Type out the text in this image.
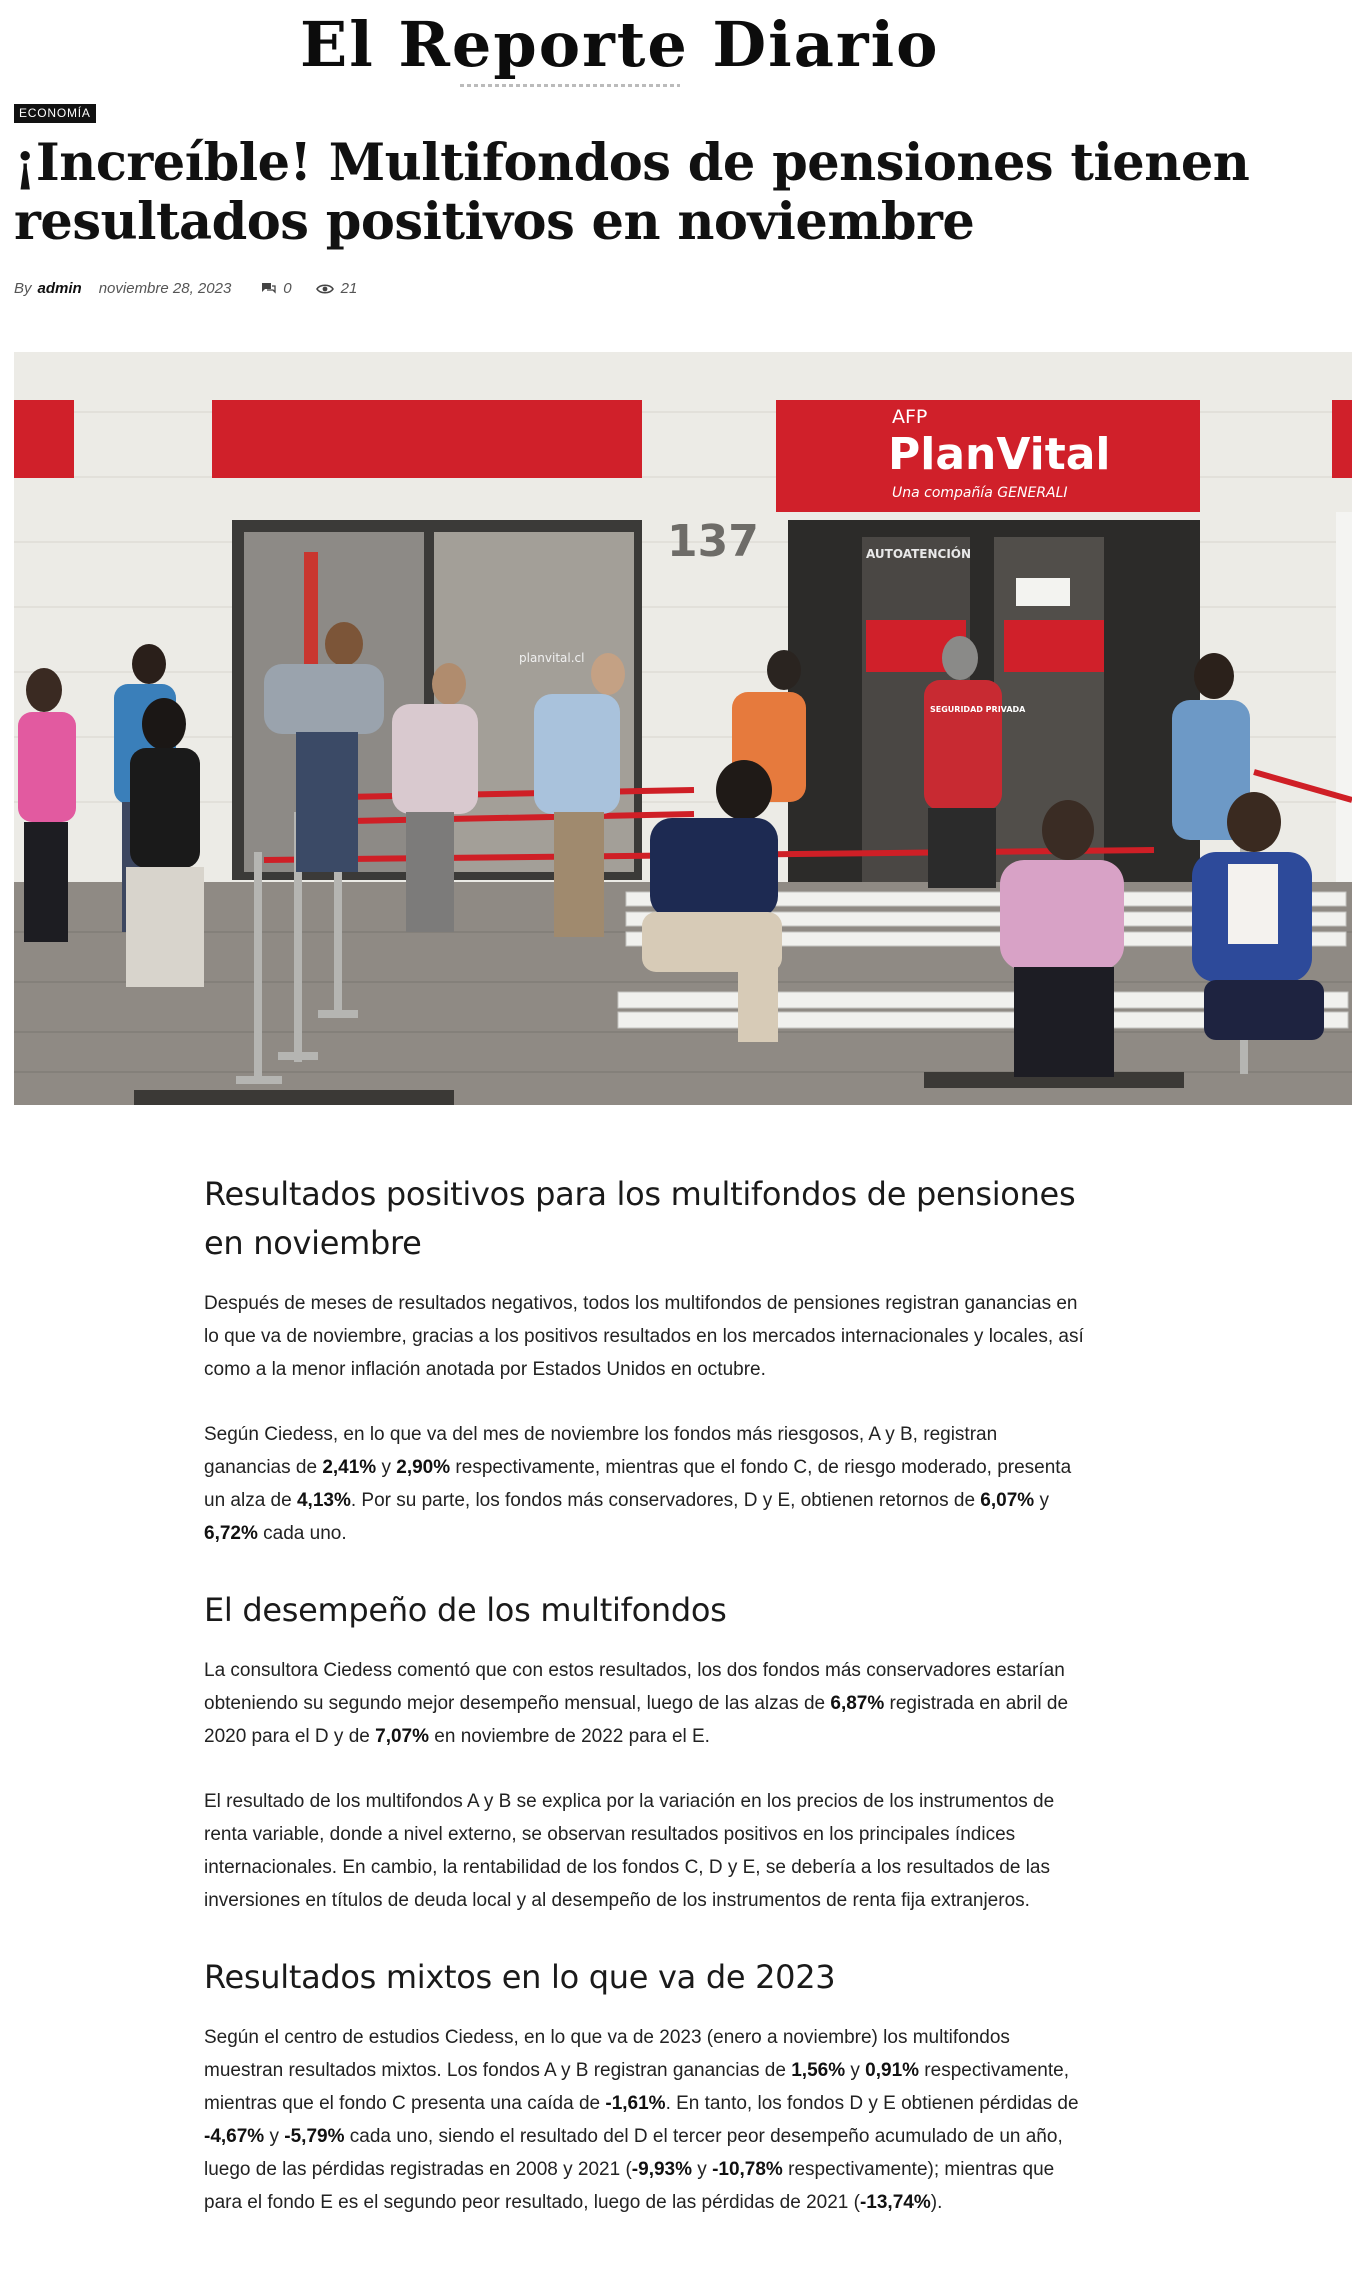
El Reporte Diario
ECONOMÍA
¡Increíble! Multifondos de pensiones tienen resultados positivos en noviembre
By admin noviembre 28, 2023	0	21
AFP
PlanVital
Una compañía GENERALI
planvital.cl
137	AUTOATENCIÓN
SEGURIDAD PRIVADA
Resultados positivos para los multifondos de pensiones en noviembre

Después de meses de resultados negativos, todos los multifondos de pensiones registran ganancias en lo que va de noviembre, gracias a los positivos resultados en los mercados internacionales y locales, así como a la menor inflación anotada por Estados Unidos en octubre.

Según Ciedess, en lo que va del mes de noviembre los fondos más riesgosos, A y B, registran ganancias de 2,41% y 2,90% respectivamente, mientras que el fondo C, de riesgo moderado, presenta un alza de 4,13%. Por su parte, los fondos más conservadores, D y E, obtienen retornos de 6,07% y 6,72% cada uno.

El desempeño de los multifondos

La consultora Ciedess comentó que con estos resultados, los dos fondos más conservadores estarían obteniendo su segundo mejor desempeño mensual, luego de las alzas de 6,87% registrada en abril de 2020 para el D y de 7,07% en noviembre de 2022 para el E.

El resultado de los multifondos A y B se explica por la variación en los precios de los instrumentos de renta variable, donde a nivel externo, se observan resultados positivos en los principales índices internacionales. En cambio, la rentabilidad de los fondos C, D y E, se debería a los resultados de las inversiones en títulos de deuda local y al desempeño de los instrumentos de renta fija extranjeros.

Resultados mixtos en lo que va de 2023

Según el centro de estudios Ciedess, en lo que va de 2023 (enero a noviembre) los multifondos muestran resultados mixtos. Los fondos A y B registran ganancias de 1,56% y 0,91% respectivamente, mientras que el fondo C presenta una caída de -1,61%. En tanto, los fondos D y E obtienen pérdidas de -4,67% y -5,79% cada uno, siendo el resultado del D el tercer peor desempeño acumulado de un año, luego de las pérdidas registradas en 2008 y 2021 (-9,93% y -10,78% respectivamente); mientras que para el fondo E es el segundo peor resultado, luego de las pérdidas de 2021 (-13,74%).
